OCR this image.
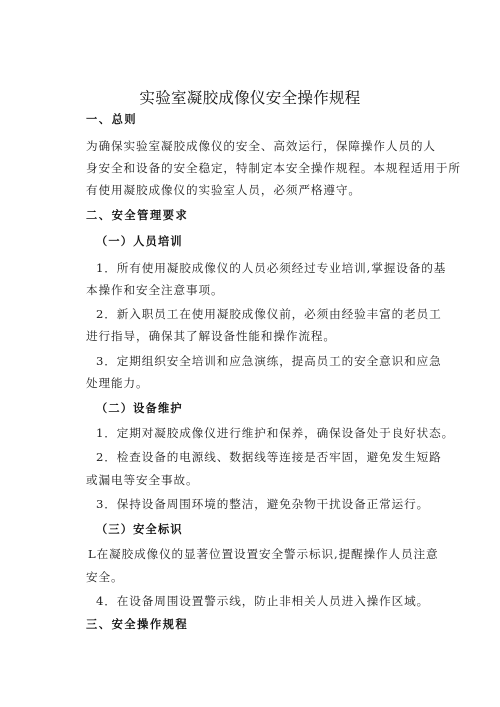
实验室凝胶成像仪安全操作规程
一、总则
为确保实验室凝胶成像仪的安全、高效运行，保障操作人员的人
身安全和设备的安全稳定，特制定本安全操作规程。本规程适用于所
有使用凝胶成像仪的实验室人员，必须严格遵守。
二、安全管理要求
（一）人员培训
1．所有使用凝胶成像仪的人员必须经过专业培训,掌握设备的基
本操作和安全注意事项。
2．新入职员工在使用凝胶成像仪前，必须由经验丰富的老员工
进行指导，确保其了解设备性能和操作流程。
3．定期组织安全培训和应急演练，提高员工的安全意识和应急
处理能力。
（二）设备维护
1．定期对凝胶成像仪进行维护和保养，确保设备处于良好状态。
2．检查设备的电源线、数据线等连接是否牢固，避免发生短路
或漏电等安全事故。
3．保持设备周围环境的整洁，避免杂物干扰设备正常运行。
（三）安全标识
L在凝胶成像仪的显著位置设置安全警示标识,提醒操作人员注意
安全。
4．在设备周围设置警示线，防止非相关人员进入操作区域。
三、安全操作规程
